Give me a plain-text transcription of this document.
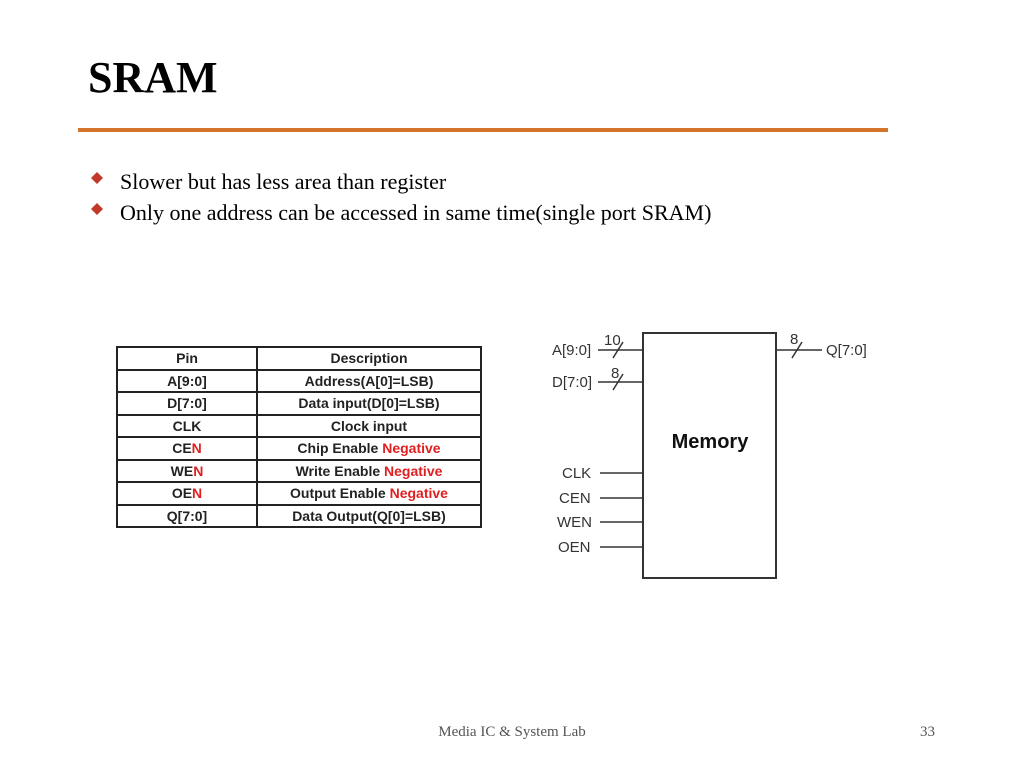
SRAM
Slower but has less area than register
Only one address can be accessed in same time(single port SRAM)
Pin	Description
A[9:0]	Address(A[0]=LSB)
D[7:0]	Data input(D[0]=LSB)
CLK	Clock input
CEN	Chip Enable Negative
WEN	Write Enable Negative
OEN	Output Enable Negative
Q[7:0]	Data Output(Q[0]=LSB)
Memory
A[9:0]
10
D[7:0]
8
CLK
CEN
WEN
OEN
8
Q[7:0]
Media IC & System Lab	33
